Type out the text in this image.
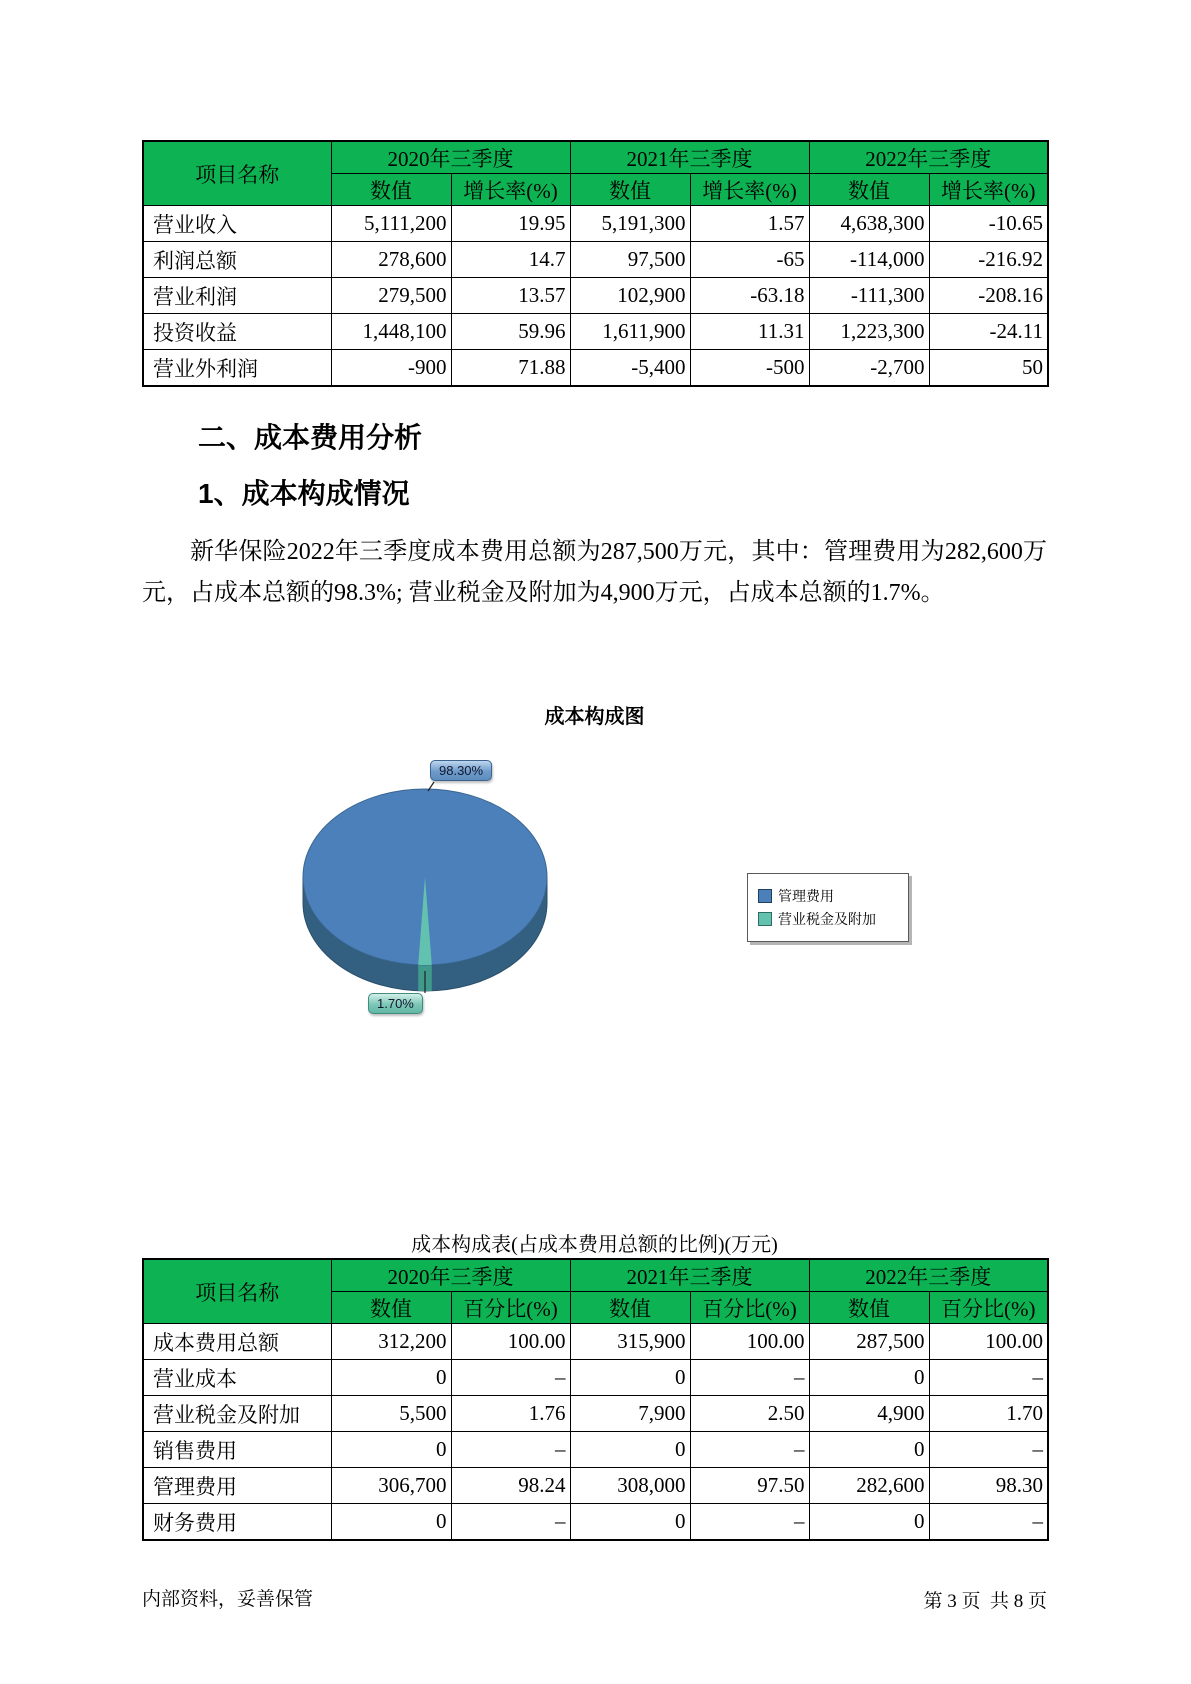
项目名称	2020年三季度		2021年三季度		2022年三季度	
	数值	增长率(%)	数值	增长率(%)	数值	增长率(%)
营业收入	5,111,200	19.95	5,191,300	1.57	4,638,300	-10.65
利润总额	278,600	14.7	97,500	-65	-114,000	-216.92
营业利润	279,500	13.57	102,900	-63.18	-111,300	-208.16
投资收益	1,448,100	59.96	1,611,900	11.31	1,223,300	-24.11
营业外利润	-900	71.88	-5,400	-500	-2,700	50
二、成本费用分析
1、成本构成情况

新华保险2022年三季度成本费用总额为287,500万元，其中：管理费用为282,600万元，占成本总额的98.3%; 营业税金及附加为4,900万元，占成本总额的1.7%。

成本构成图
98.30%
1.70%
管理费用
营业税金及附加
成本构成表(占成本费用总额的比例)(万元)
项目名称	2020年三季度		2021年三季度		2022年三季度	
	数值	百分比(%)	数值	百分比(%)	数值	百分比(%)
成本费用总额	312,200	100.00	315,900	100.00	287,500	100.00
营业成本	0	–	0	–	0	–
营业税金及附加	5,500	1.76	7,900	2.50	4,900	1.70
销售费用	0	–	0	–	0	–
管理费用	306,700	98.24	308,000	97.50	282,600	98.30
财务费用	0	–	0	–	0	–
内部资料，妥善保管	第 3 页  共 8 页
